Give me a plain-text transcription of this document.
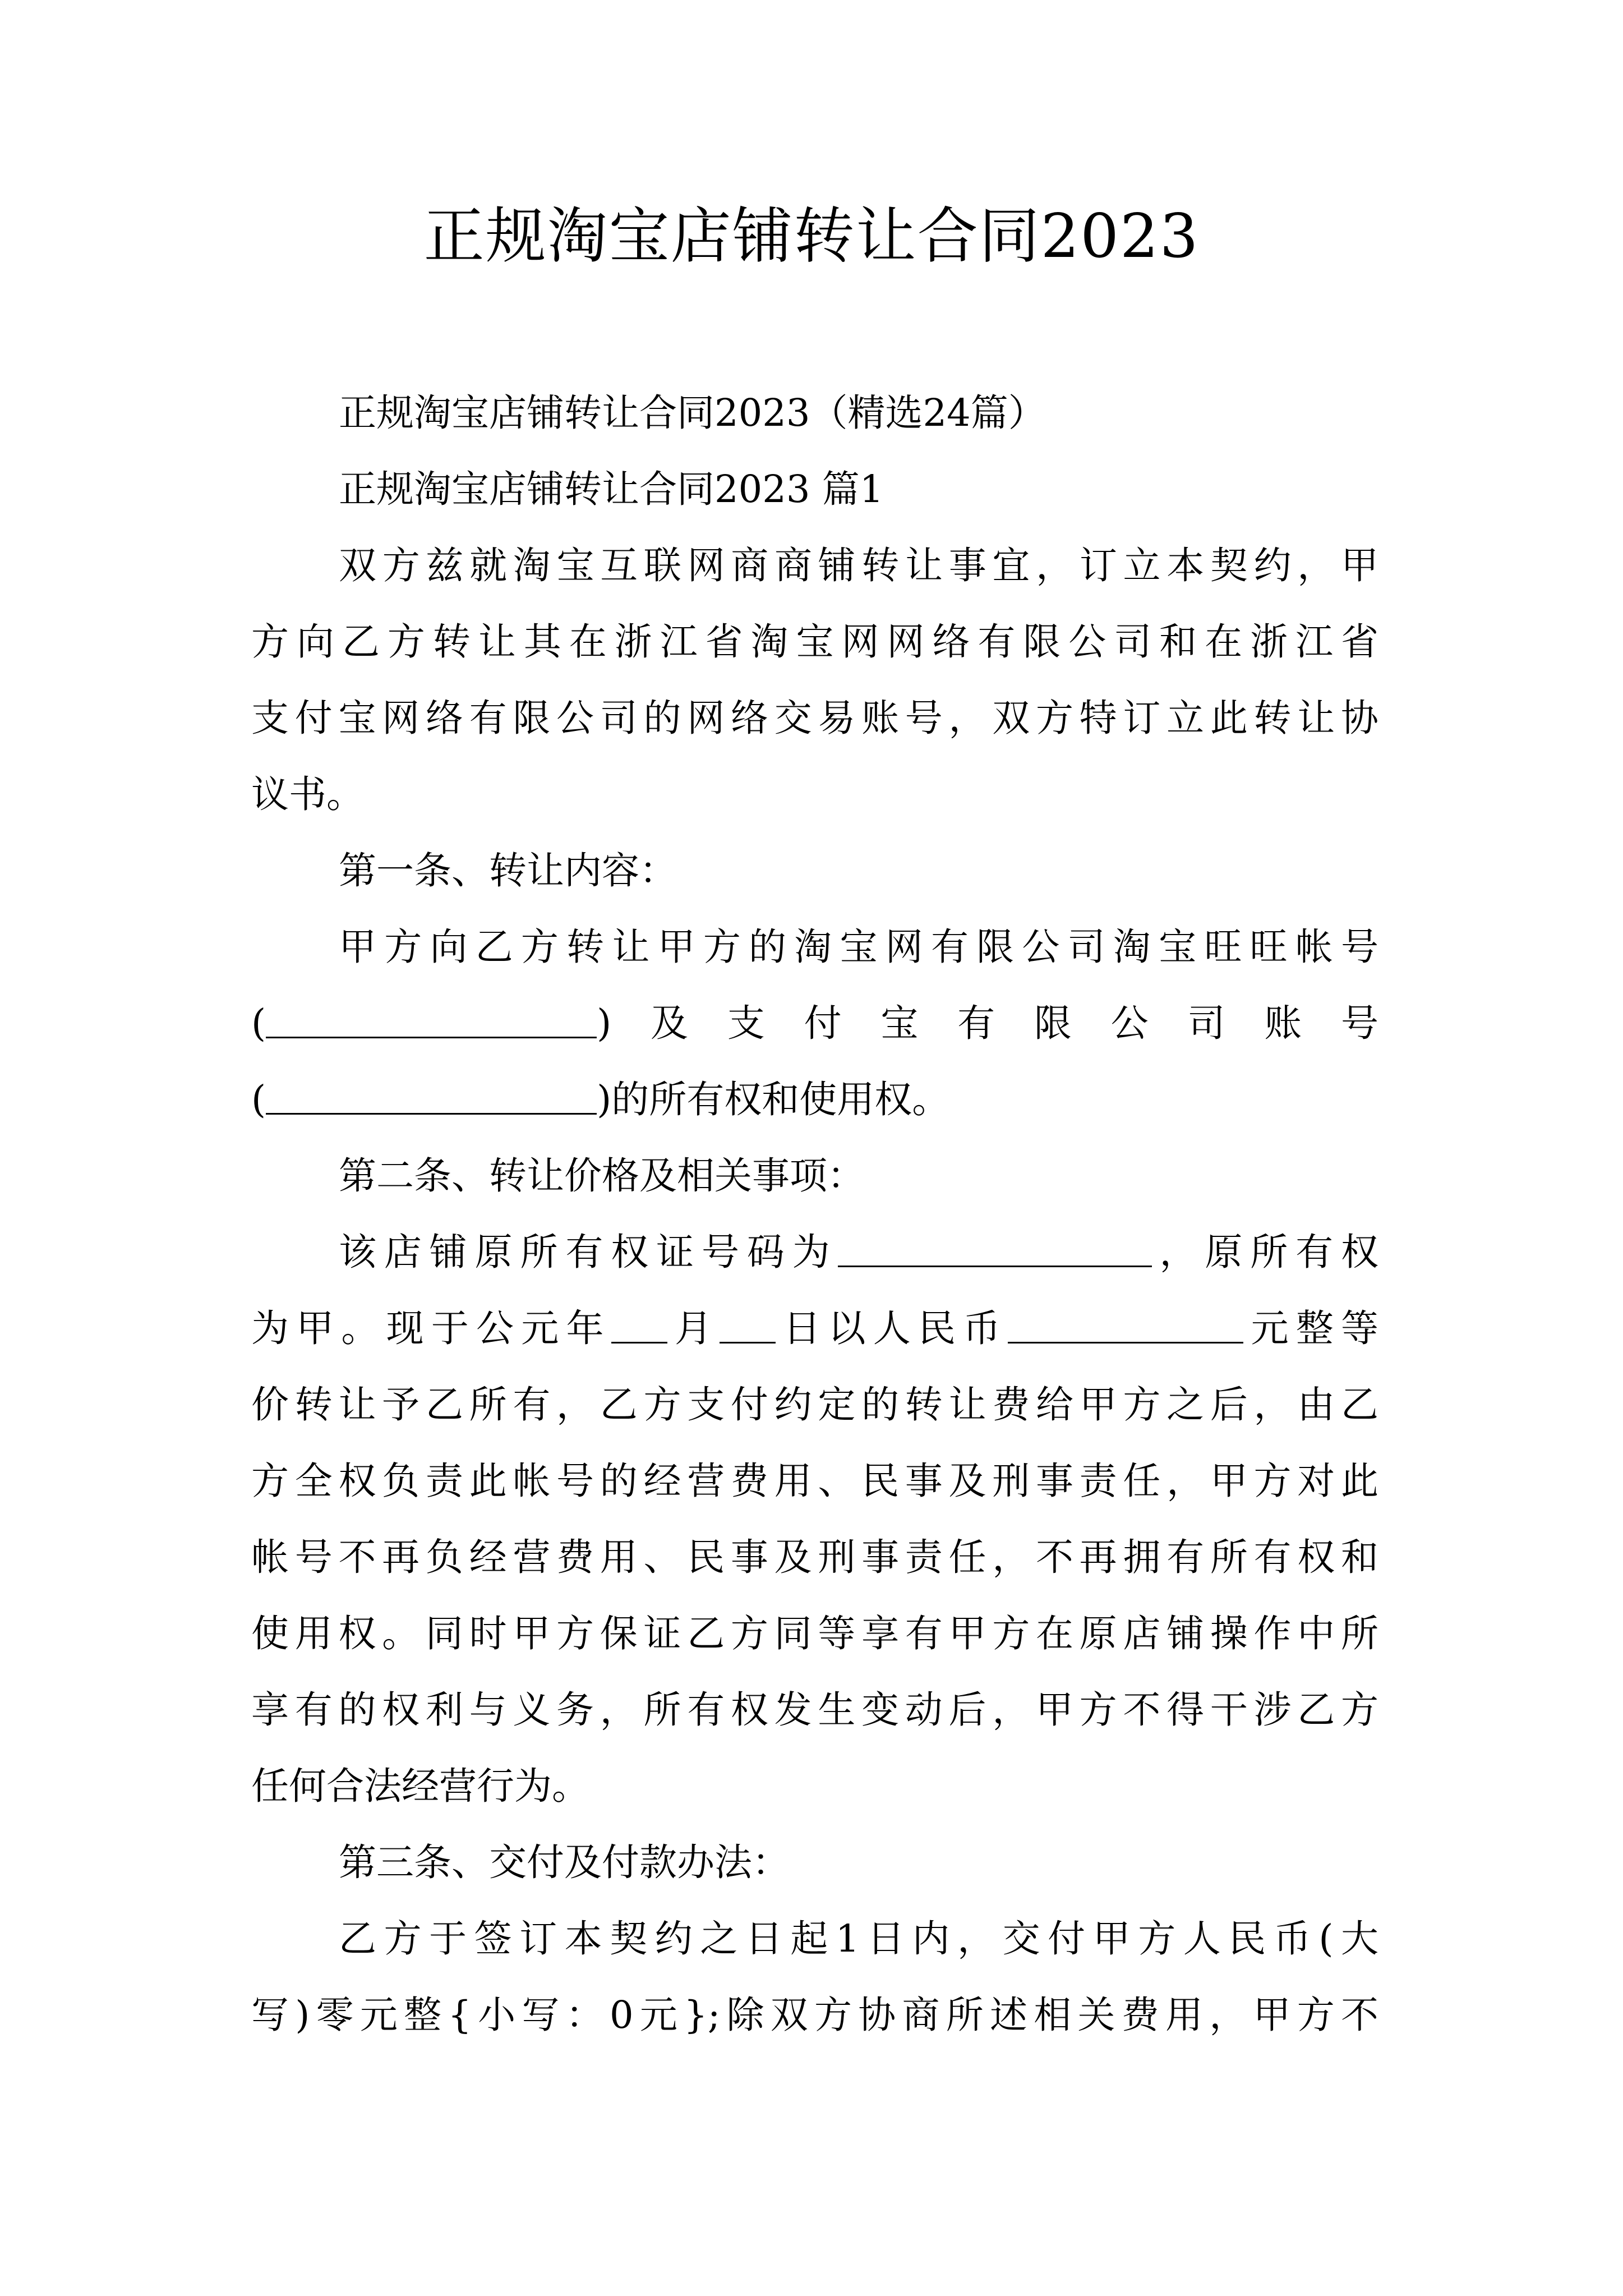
正规淘宝店铺转让合同2023

正规淘宝店铺转让合同2023（精选24篇）

正规淘宝店铺转让合同2023 篇1

双方兹就淘宝互联网商商铺转让事宜，订立本契约，甲

方向乙方转让其在浙江省淘宝网网络有限公司和在浙江省

支付宝网络有限公司的网络交易账号，双方特订立此转让协

议书。

第一条、转让内容：

甲方向乙方转让甲方的淘宝网有限公司淘宝旺旺帐号

(	)及支付宝有限公司账号

(	)的所有权和使用权。

第二条、转让价格及相关事项：

该店铺原所有权证号码为	，原所有权

为甲。现于公元年 月 日以人民币	元整等

价转让予乙所有，乙方支付约定的转让费给甲方之后，由乙

方全权负责此帐号的经营费用、民事及刑事责任，甲方对此

帐号不再负经营费用、民事及刑事责任，不再拥有所有权和

使用权。同时甲方保证乙方同等享有甲方在原店铺操作中所

享有的权利与义务，所有权发生变动后，甲方不得干涉乙方

任何合法经营行为。

第三条、交付及付款办法：

乙方于签订本契约之日起1日内，交付甲方人民币(大

写)零元整{小写：0元};除双方协商所述相关费用，甲方不
